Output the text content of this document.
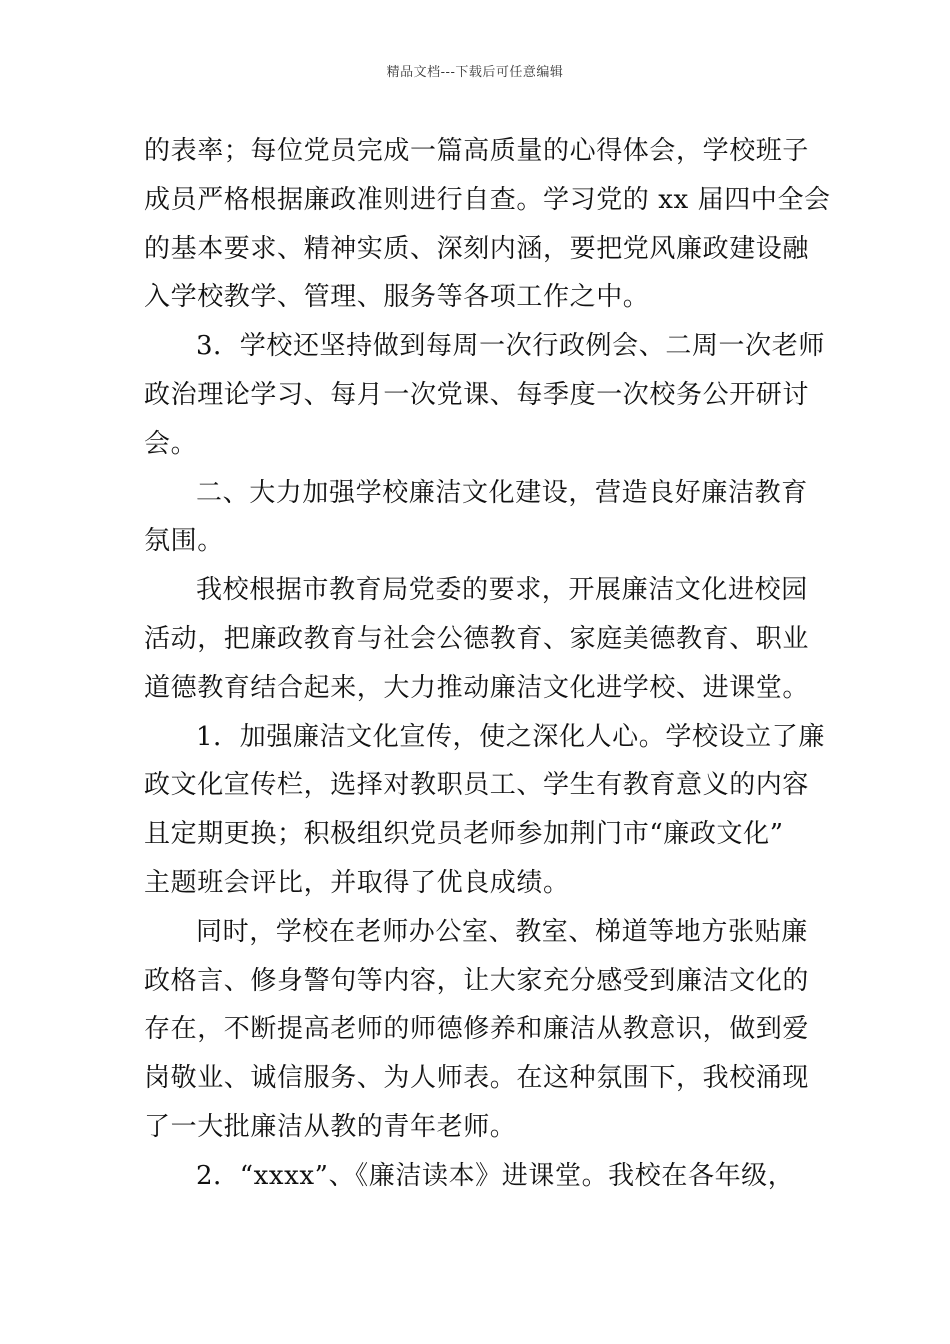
精品文档---下载后可任意编辑
的表率；每位党员完成一篇高质量的心得体会，学校班子
成员严格根据廉政准则进行自查。学习党的 xx 届四中全会
的基本要求、精神实质、深刻内涵，要把党风廉政建设融
入学校教学、管理、服务等各项工作之中。
3．学校还坚持做到每周一次行政例会、二周一次老师
政治理论学习、每月一次党课、每季度一次校务公开研讨
会。
二、大力加强学校廉洁文化建设，营造良好廉洁教育
氛围。
我校根据市教育局党委的要求，开展廉洁文化进校园
活动，把廉政教育与社会公德教育、家庭美德教育、职业
道德教育结合起来，大力推动廉洁文化进学校、进课堂。
1．加强廉洁文化宣传，使之深化人心。学校设立了廉
政文化宣传栏，选择对教职员工、学生有教育意义的内容
且定期更换；积极组织党员老师参加荆门市“廉政文化”
主题班会评比，并取得了优良成绩。
同时，学校在老师办公室、教室、梯道等地方张贴廉
政格言、修身警句等内容，让大家充分感受到廉洁文化的
存在，不断提高老师的师德修养和廉洁从教意识，做到爱
岗敬业、诚信服务、为人师表。在这种氛围下，我校涌现
了一大批廉洁从教的青年老师。
2．“xxxx”、《廉洁读本》进课堂。我校在各年级，
